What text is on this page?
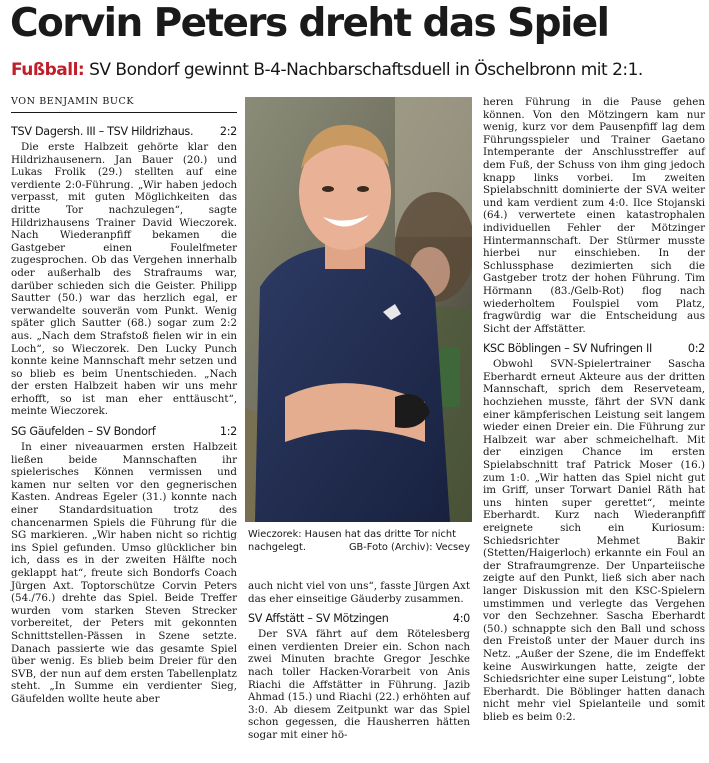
Corvin Peters dreht das Spiel
Fußball: SV Bondorf gewinnt B-4-Nachbarschaftsduell in Öschelbronn mit 2:1.
VON BENJAMIN BUCK
TSV Dagersh. III – TSV Hildrizhaus. 2:2

Die erste Halbzeit gehörte klar den Hildrizhausenern. Jan Bauer (20.) und Lukas Frolik (29.) stellten auf eine verdiente 2:0-Führung. „Wir haben jedoch verpasst, mit guten Möglichkeiten das dritte Tor nachzulegen“, sagte Hildrizhausens Trainer David Wieczorek. Nach Wiederanpfiff bekamen die Gastgeber einen Foulelfmeter zugesprochen. Ob das Vergehen innerhalb oder außerhalb des Strafraums war, darüber schieden sich die Geister. Philipp Sautter (50.) war das herzlich egal, er verwandelte souverän vom Punkt. Wenig später glich Sautter (68.) sogar zum 2:2 aus. „Nach dem Strafstoß fielen wir in ein Loch“, so Wieczorek. Den Lucky Punch konnte keine Mannschaft mehr setzen und so blieb es beim Unentschieden. „Nach der ersten Halbzeit haben wir uns mehr erhofft, so ist man eher enttäuscht“, meinte Wieczorek.

SG Gäufelden – SV Bondorf	1:2

In einer niveauarmen ersten Halbzeit ließen beide Mannschaften ihr spielerisches Können vermissen und kamen nur selten vor den gegnerischen Kasten. Andreas Egeler (31.) konnte nach einer Standardsituation trotz des chancenarmen Spiels die Führung für die SG markieren. „Wir haben nicht so richtig ins Spiel gefunden. Umso glücklicher bin ich, dass es in der zweiten Hälfte noch geklappt hat“, freute sich Bondorfs Coach Jürgen Axt. Toptorschütze Corvin Peters (54./76.) drehte das Spiel. Beide Treffer wurden vom starken Steven Strecker vorbereitet, der Peters mit gekonnten Schnittstellen-Pässen in Szene setzte. Danach passierte wie das gesamte Spiel über wenig. Es blieb beim Dreier für den SVB, der nun auf dem ersten Tabellenplatz steht. „In Summe ein verdienter Sieg, Gäufelden wollte heute aber

Wieczorek: Hausen hat das dritte Tor nicht nachgelegt.	GB-Foto (Archiv): Vecsey

auch nicht viel von uns“, fasste Jürgen Axt das eher einseitige Gäuderby zusammen.

SV Affstätt – SV Mötzingen	4:0

Der SVA fährt auf dem Rötelesberg einen verdienten Dreier ein. Schon nach zwei Minuten brachte Gregor Jeschke nach toller Hacken-Vorarbeit von Anis Riachi die Affstätter in Führung. Jazib Ahmad (15.) und Riachi (22.) erhöhten auf 3:0. Ab diesem Zeitpunkt war das Spiel schon gegessen, die Hausherren hätten sogar mit einer hö-

heren Führung in die Pause gehen können. Von den Mötzingern kam nur wenig, kurz vor dem Pausenpfiff lag dem Führungsspieler und Trainer Gaetano Intemperante der Anschlusstreffer auf dem Fuß, der Schuss von ihm ging jedoch knapp links vorbei. Im zweiten Spielabschnitt dominierte der SVA weiter und kam verdient zum 4:0. Ilce Stojanski (64.) verwertete einen katastrophalen individuellen Fehler der Mötzinger Hintermannschaft. Der Stürmer musste hierbei nur einschieben. In der Schlussphase dezimierten sich die Gastgeber trotz der hohen Führung. Tim Hörmann (83./Gelb-Rot) flog nach wiederholtem Foulspiel vom Platz, fragwürdig war die Entscheidung aus Sicht der Affstätter.

KSC Böblingen – SV Nufringen II	0:2

Obwohl SVN-Spielertrainer Sascha Eberhardt erneut Akteure aus der dritten Mannschaft, sprich dem Reserveteam, hochziehen musste, fährt der SVN dank einer kämpferischen Leistung seit langem wieder einen Dreier ein. Die Führung zur Halbzeit war aber schmeichelhaft. Mit der einzigen Chance im ersten Spielabschnitt traf Patrick Moser (16.) zum 1:0. „Wir hatten das Spiel nicht gut im Griff, unser Torwart Daniel Räth hat uns hinten super gerettet“, meinte Eberhardt. Kurz nach Wiederanpfiff ereignete sich ein Kuriosum: Schiedsrichter Mehmet Bakir (Stetten/Haigerloch) erkannte ein Foul an der Strafraumgrenze. Der Unparteiische zeigte auf den Punkt, ließ sich aber nach langer Diskussion mit den KSC-Spielern umstimmen und verlegte das Vergehen vor den Sechzehner. Sascha Eberhardt (50.) schnappte sich den Ball und schoss den Freistoß unter der Mauer durch ins Netz. „Außer der Szene, die im Endeffekt keine Auswirkungen hatte, zeigte der Schiedsrichter eine super Leistung“, lobte Eberhardt. Die Böblinger hatten danach nicht mehr viel Spielanteile und somit blieb es beim 0:2.
